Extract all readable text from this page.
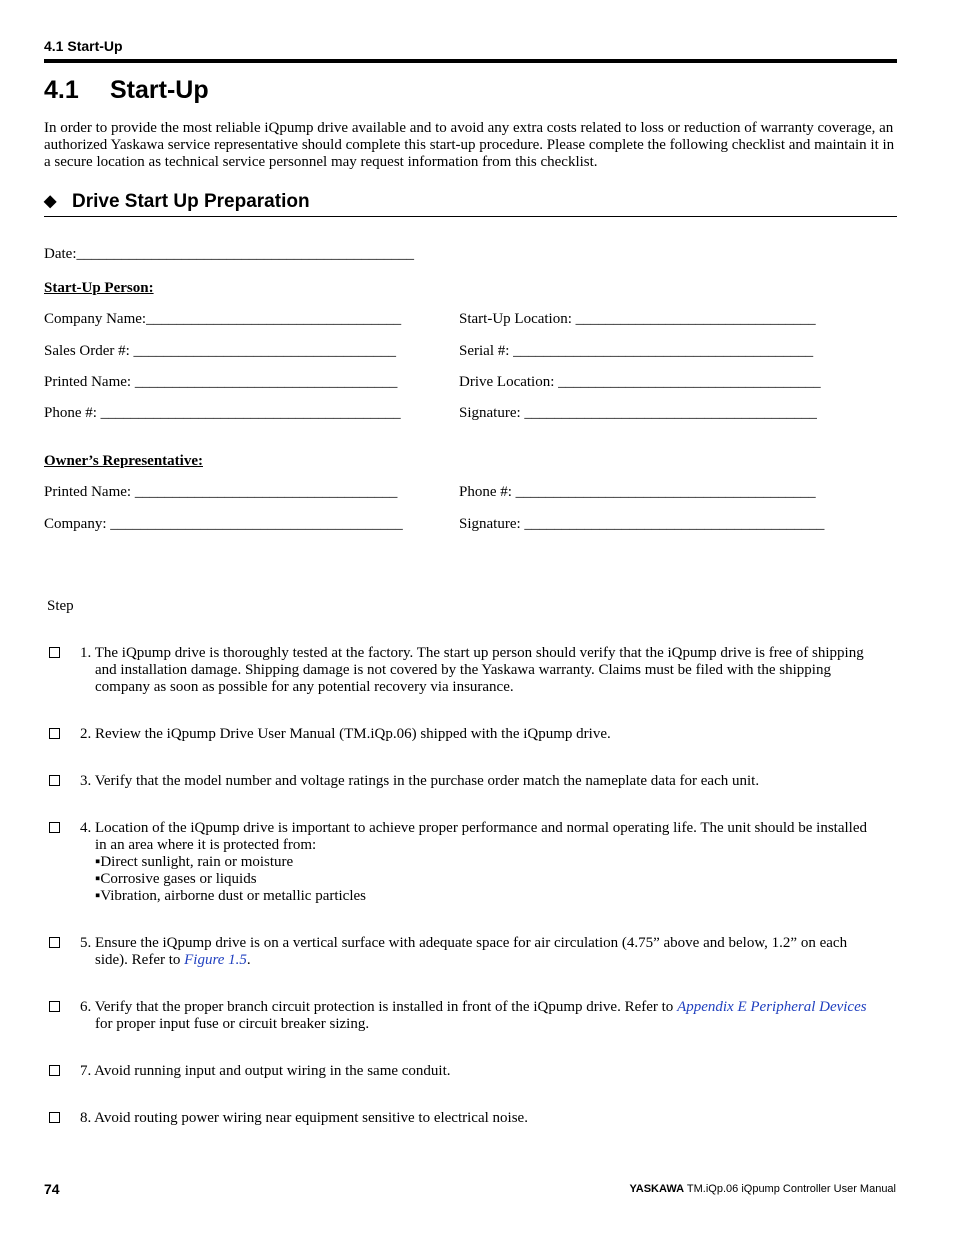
4.1 Start-Up
4.1 Start-Up
In order to provide the most reliable iQpump drive available and to avoid any extra costs related to loss or reduction of warranty coverage, an authorized Yaskawa service representative should complete this start-up procedure. Please complete the following checklist and maintain it in a secure location as technical service personnel may request information from this checklist.
◆ Drive Start Up Preparation
Date:_____________________________________________
Start-Up Person:
Company Name:__________________________________	Start-Up Location: ________________________________
Sales Order #: ___________________________________	Serial #: ________________________________________
Printed Name: ___________________________________	Drive Location: ___________________________________
Phone #: ________________________________________	Signature: _______________________________________
Owner’s Representative:
Printed Name: ___________________________________	Phone #: ________________________________________
Company: _______________________________________	Signature: ________________________________________
Step
1. The iQpump drive is thoroughly tested at the factory. The start up person should verify that the iQpump drive is free of shipping
and installation damage. Shipping damage is not covered by the Yaskawa warranty. Claims must be filed with the shipping
company as soon as possible for any potential recovery via insurance.
2. Review the iQpump Drive User Manual (TM.iQp.06) shipped with the iQpump drive.
3. Verify that the model number and voltage ratings in the purchase order match the nameplate data for each unit.
4. Location of the iQpump drive is important to achieve proper performance and normal operating life. The unit should be installed
in an area where it is protected from:
▪Direct sunlight, rain or moisture
▪Corrosive gases or liquids
▪Vibration, airborne dust or metallic particles
5. Ensure the iQpump drive is on a vertical surface with adequate space for air circulation (4.75” above and below, 1.2” on each
side). Refer to Figure 1.5.
6. Verify that the proper branch circuit protection is installed in front of the iQpump drive. Refer to Appendix E Peripheral Devices
for proper input fuse or circuit breaker sizing.
7. Avoid running input and output wiring in the same conduit.
8. Avoid routing power wiring near equipment sensitive to electrical noise.
74	YASKAWA TM.iQp.06 iQpump Controller User Manual
